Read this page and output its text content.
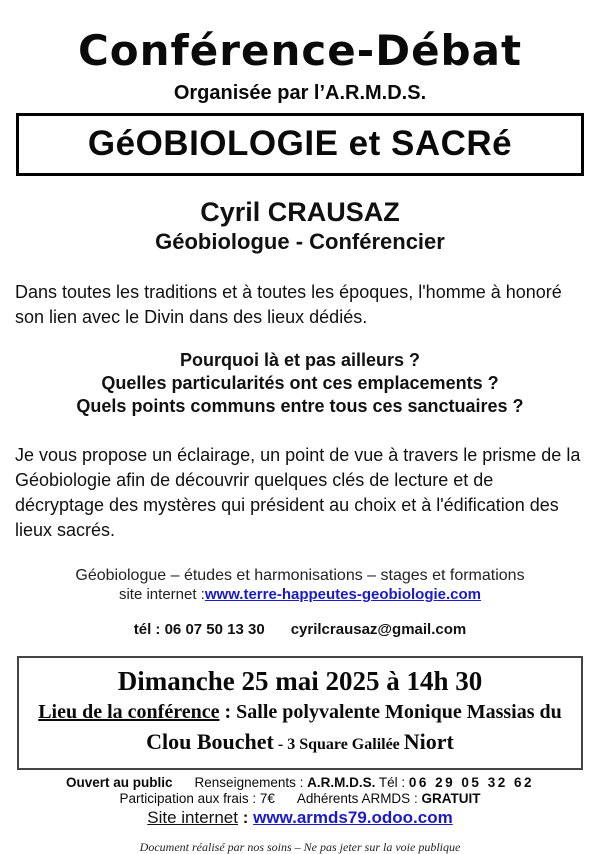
Conférence-Débat
Organisée par l’A.R.M.D.S.
GéOBIOLOGIE et SACRé
Cyril CRAUSAZ
Géobiologue - Conférencier
Dans toutes les traditions et à toutes les époques, l'homme à honoré son lien avec le Divin dans des lieux dédiés.
Pourquoi là et pas ailleurs ?
Quelles particularités ont ces emplacements ?
Quels points communs entre tous ces sanctuaires ?
Je vous propose un éclairage, un point de vue à travers le prisme de la Géobiologie afin de découvrir quelques clés de lecture et de décryptage des mystères qui président au choix et à l'édification des lieux sacrés.
Géobiologue – études et harmonisations – stages et formations
site internet :www.terre-happeutes-geobiologie.com
tél : 06 07 50 13 30 cyrilcrausaz@gmail.com
Dimanche 25 mai 2025 à 14h 30
Lieu de la conférence : Salle polyvalente Monique Massias du
Clou Bouchet - 3 Square Galilée Niort
Ouvert au public Renseignements : A.R.M.D.S. Tél : 06 29 05 32 62
Participation aux frais : 7€ Adhérents ARMDS : GRATUIT
Site internet : www.armds79.odoo.com
Document réalisé par nos soins – Ne pas jeter sur la voie publique
